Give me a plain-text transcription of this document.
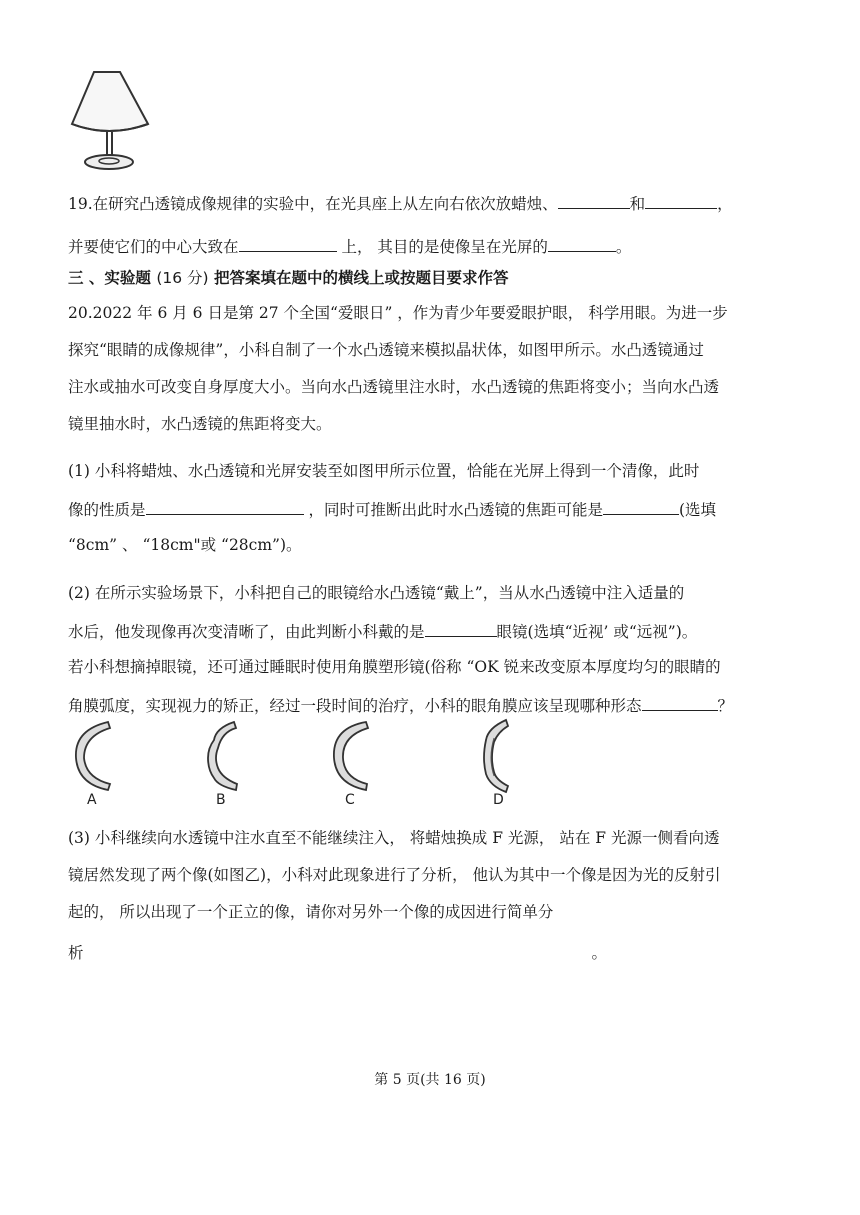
19.在研究凸透镜成像规律的实验中，在光具座上从左向右依次放蜡烛、	和	，
并要使它们的中心大致在	上， 其目的是使像呈在光屏的	。
三 、实验题 (16 分) 把答案填在题中的横线上或按题目要求作答
20.2022 年 6 月 6 日是第 27 个全国“爱眼日” ，作为青少年要爱眼护眼， 科学用眼。为进一步
探究“眼睛的成像规律”，小科自制了一个水凸透镜来模拟晶状体，如图甲所示。水凸透镜通过
注水或抽水可改变自身厚度大小。当向水凸透镜里注水时，水凸透镜的焦距将变小；当向水凸透
镜里抽水时，水凸透镜的焦距将变大。
(1) 小科将蜡烛、水凸透镜和光屏安装至如图甲所示位置，恰能在光屏上得到一个清像，此时
像的性质是	，同时可推断出此时水凸透镜的焦距可能是	(选填
“8cm” 、 “18cm"或 “28cm”)。
(2) 在所示实验场景下，小科把自己的眼镜给水凸透镜“戴上”，当从水凸透镜中注入适量的
水后，他发现像再次变清晰了，由此判断小科戴的是	眼镜(选填“近视’ 或“远视”)。
若小科想摘掉眼镜，还可通过睡眠时使用角膜塑形镜(俗称 “OK 锐来改变原本厚度均匀的眼睛的
角膜弧度，实现视力的矫正，经过一段时间的治疗，小科的眼角膜应该呈现哪种形态	？
A	B	C	D
(3) 小科继续向水透镜中注水直至不能继续注入， 将蜡烛换成 F 光源， 站在 F 光源一侧看向透
镜居然发现了两个像(如图乙)，小科对此现象进行了分析， 他认为其中一个像是因为光的反射引
起的， 所以出现了一个正立的像，请你对另外一个像的成因进行简单分
析	。
第 5 页(共 16 页)
